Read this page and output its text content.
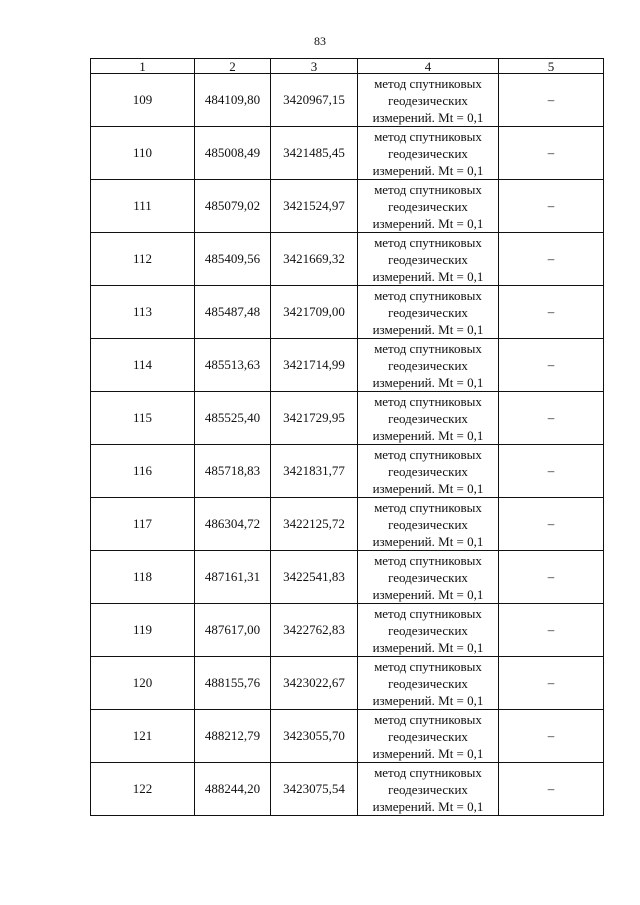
83
1	2	3	4	5
109	484109,80	3420967,15	метод спутниковых
геодезических
измерений. Mt = 0,1	–
110	485008,49	3421485,45	метод спутниковых
геодезических
измерений. Mt = 0,1	–
111	485079,02	3421524,97	метод спутниковых
геодезических
измерений. Mt = 0,1	–
112	485409,56	3421669,32	метод спутниковых
геодезических
измерений. Mt = 0,1	–
113	485487,48	3421709,00	метод спутниковых
геодезических
измерений. Mt = 0,1	–
114	485513,63	3421714,99	метод спутниковых
геодезических
измерений. Mt = 0,1	–
115	485525,40	3421729,95	метод спутниковых
геодезических
измерений. Mt = 0,1	–
116	485718,83	3421831,77	метод спутниковых
геодезических
измерений. Mt = 0,1	–
117	486304,72	3422125,72	метод спутниковых
геодезических
измерений. Mt = 0,1	–
118	487161,31	3422541,83	метод спутниковых
геодезических
измерений. Mt = 0,1	–
119	487617,00	3422762,83	метод спутниковых
геодезических
измерений. Mt = 0,1	–
120	488155,76	3423022,67	метод спутниковых
геодезических
измерений. Mt = 0,1	–
121	488212,79	3423055,70	метод спутниковых
геодезических
измерений. Mt = 0,1	–
122	488244,20	3423075,54	метод спутниковых
геодезических
измерений. Mt = 0,1	–
